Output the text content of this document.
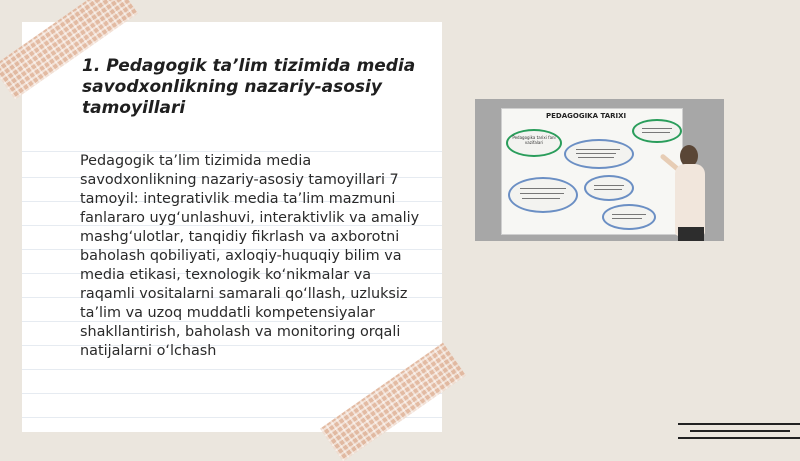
1. Pedagogik ta’lim tizimida media savodxonlikning nazariy-asosiy tamoyillari

Pedagogik ta’lim tizimida media savodxonlikning nazariy-asosiy tamoyillari 7 tamoyil: integrativlik media ta’lim mazmuni fanlararo uyg‘unlashuvi, interaktivlik va amaliy mashg‘ulotlar, tanqidiy fikrlash va axborotni baholash qobiliyati, axloqiy-huquqiy bilim va media etikasi, texnologik ko‘nikmalar va raqamli vositalarni samarali qo‘llash, uzluksiz ta’lim va uzoq muddatli kompetensiyalar shakllantirish, baholash va monitoring orqali natijalarni o‘lchash

PEDAGOGIKA TARIXI
Pedagogika tarixi fani
vazifalari
